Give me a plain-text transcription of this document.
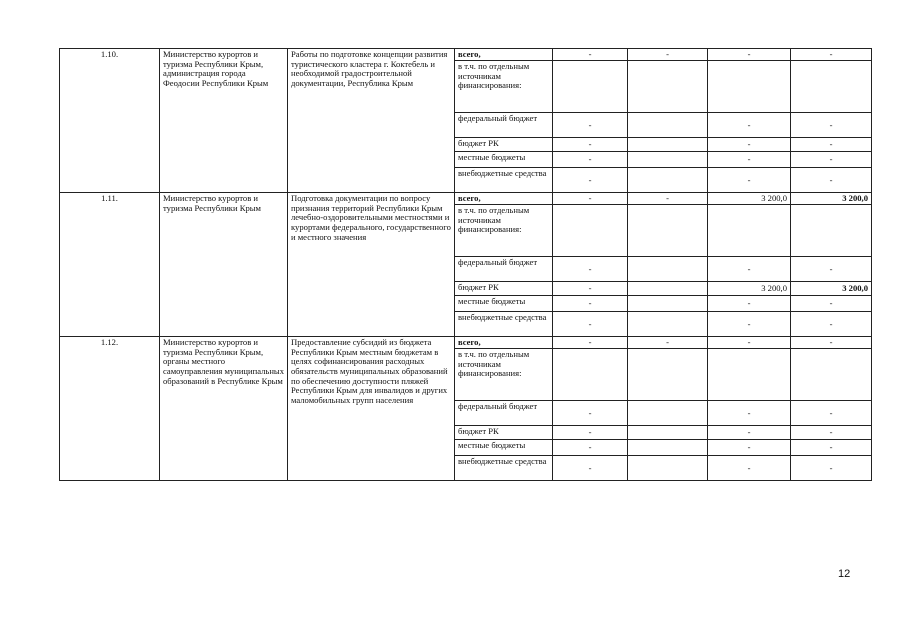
1.10.	Министерство курортов и туризма Республики Крым, администрация города Феодосии Республики Крым	Работы по подготовке концепции развития туристического кластера г. Коктебель и необходимой градостроительной документации, Республика Крым	всего,	-	-	-	-
			в т.ч. по отдельным источникам финансирования:				
			федеральный бюджет	-		-	-
			бюджет РК	-		-	-
			местные бюджеты	-		-	-
			внебюджетные средства	-		-	-
1.11.	Министерство курортов и туризма Республики Крым	Подготовка документации по вопросу признания территорий Республики Крым лечебно-оздоровительными местностями и курортами федерального, государственного и местного значения	всего,	-	-	3 200,0	3 200,0
			в т.ч. по отдельным источникам финансирования:				
			федеральный бюджет	-		-	-
			бюджет РК	-		3 200,0	3 200,0
			местные бюджеты	-		-	-
			внебюджетные средства	-		-	-
1.12.	Министерство курортов и туризма Республики Крым, органы местного самоуправления муниципальных образований в Республике Крым	Предоставление субсидий из бюджета Республики Крым местным бюджетам в целях софинансирования расходных обязательств муниципальных образований по обеспечению доступности пляжей Республики Крым для инвалидов и других маломобильных групп населения	всего,	-	-	-	-
			в т.ч. по отдельным источникам финансирования:				
			федеральный бюджет	-		-	-
			бюджет РК	-		-	-
			местные бюджеты	-		-	-
			внебюджетные средства	-		-	-
12
